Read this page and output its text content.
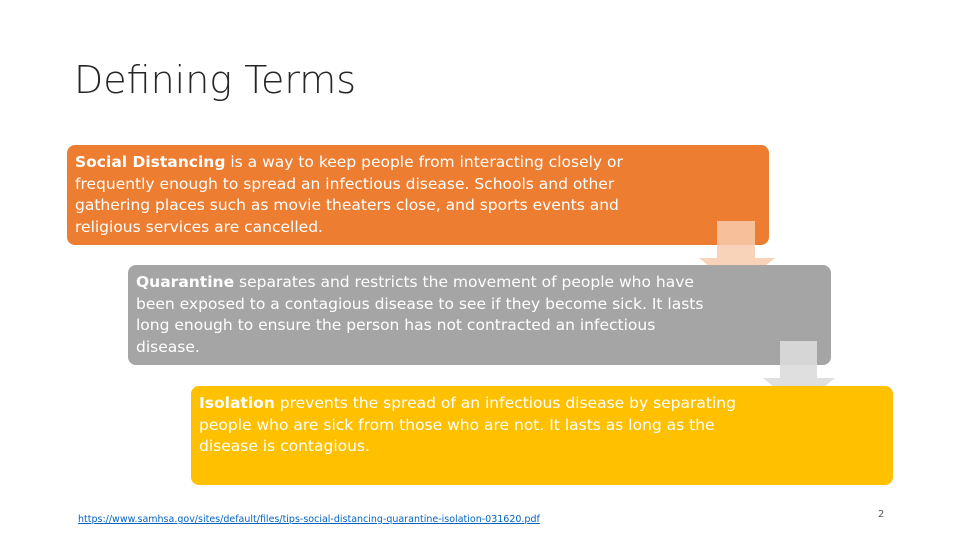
Defining Terms
Social Distancing is a way to keep people from interacting closely or frequently enough to spread an infectious disease. Schools and other gathering places such as movie theaters close, and sports events and religious services are cancelled.
Quarantine separates and restricts the movement of people who have been exposed to a contagious disease to see if they become sick. It lasts long enough to ensure the person has not contracted an infectious disease.
Isolation prevents the spread of an infectious disease by separating people who are sick from those who are not. It lasts as long as the disease is contagious.
https://www.samhsa.gov/sites/default/files/tips-social-distancing-quarantine-isolation-031620.pdf	2
